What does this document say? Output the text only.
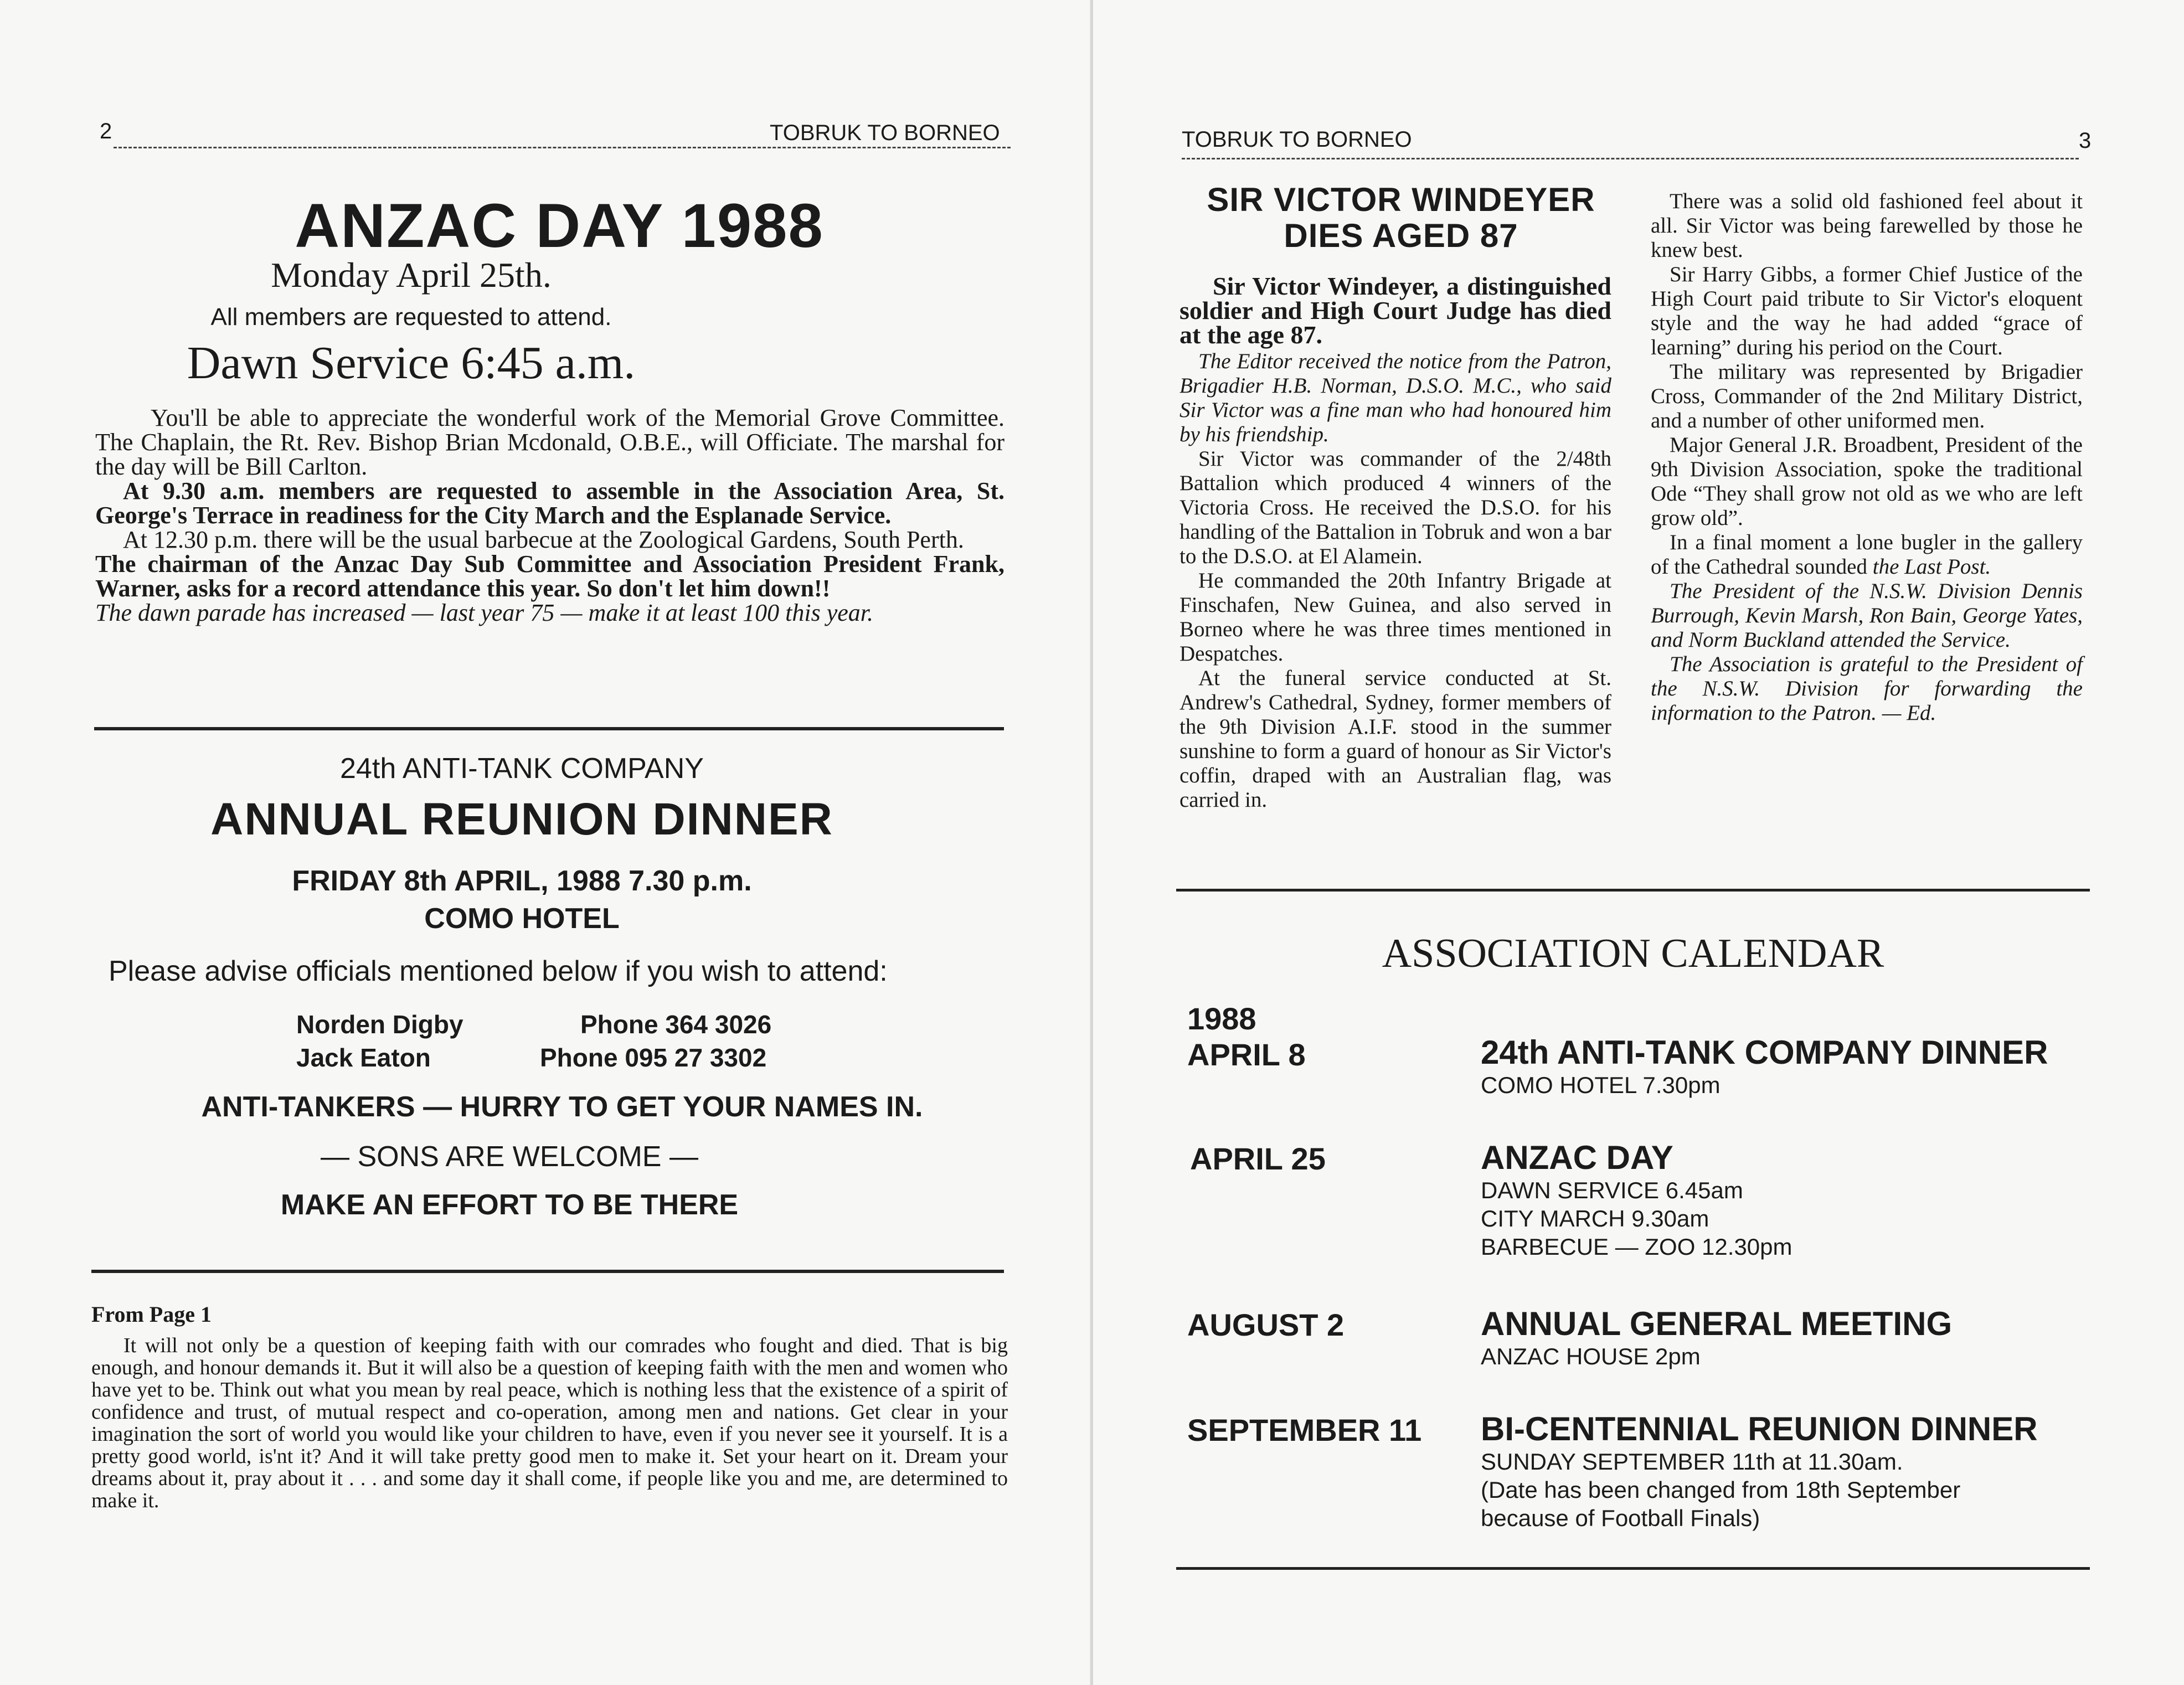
2	TOBRUK TO BORNEO
ANZAC DAY 1988
Monday April 25th.
All members are requested to attend.
Dawn Service 6:45 a.m.

You'll be able to appreciate the wonderful work of the Memorial Grove Committee. The Chaplain, the Rt. Rev. Bishop Brian Mcdonald, O.B.E., will Officiate. The marshal for the day will be Bill Carlton.

At 9.30 a.m. members are requested to assemble in the Association Area, St. George's Terrace in readiness for the City March and the Esplanade Service.

At 12.30 p.m. there will be the usual barbecue at the Zoological Gardens, South Perth.

The chairman of the Anzac Day Sub Committee and Association President Frank, Warner, asks for a record attendance this year. So don't let him down!!

The dawn parade has increased — last year 75 — make it at least 100 this year.

24th ANTI-TANK COMPANY
ANNUAL REUNION DINNER
FRIDAY 8th APRIL, 1988 7.30 p.m.
COMO HOTEL
Please advise officials mentioned below if you wish to attend:
Norden Digby	Phone 364 3026
Jack Eaton	Phone 095 27 3302
ANTI-TANKERS — HURRY TO GET YOUR NAMES IN.
— SONS ARE WELCOME —
MAKE AN EFFORT TO BE THERE
From Page 1

It will not only be a question of keeping faith with our comrades who fought and died. That is big enough, and honour demands it. But it will also be a question of keeping faith with the men and women who have yet to be. Think out what you mean by real peace, which is nothing less that the existence of a spirit of confidence and trust, of mutual respect and co-operation, among men and nations. Get clear in your imagination the sort of world you would like your children to have, even if you never see it yourself. It is a pretty good world, is'nt it? And it will take pretty good men to make it. Set your heart on it. Dream your dreams about it, pray about it . . . and some day it shall come, if people like you and me, are determined to make it.

TOBRUK TO BORNEO	3
SIR VICTOR WINDEYER
DIES AGED 87

Sir Victor Windeyer, a distinguished soldier and High Court Judge has died at the age 87.

The Editor received the notice from the Patron, Brigadier H.B. Norman, D.S.O. M.C., who said Sir Victor was a fine man who had honoured him by his friendship.

Sir Victor was commander of the 2/48th Battalion which produced 4 winners of the Victoria Cross. He received the D.S.O. for his handling of the Battalion in Tobruk and won a bar to the D.S.O. at El Alamein.

He commanded the 20th Infantry Brigade at Finschafen, New Guinea, and also served in Borneo where he was three times mentioned in Despatches.

At the funeral service conducted at St. Andrew's Cathedral, Sydney, former members of the 9th Division A.I.F. stood in the summer sunshine to form a guard of honour as Sir Victor's coffin, draped with an Australian flag, was carried in.

There was a solid old fashioned feel about it all. Sir Victor was being farewelled by those he knew best.

Sir Harry Gibbs, a former Chief Justice of the High Court paid tribute to Sir Victor's eloquent style and the way he had added “grace of learning” during his period on the Court.

The military was represented by Brigadier Cross, Commander of the 2nd Military District, and a number of other uniformed men.

Major General J.R. Broadbent, President of the 9th Division Association, spoke the traditional Ode “They shall grow not old as we who are left grow old”.

In a final moment a lone bugler in the gallery of the Cathedral sounded the Last Post.

The President of the N.S.W. Division Dennis Burrough, Kevin Marsh, Ron Bain, George Yates, and Norm Buckland attended the Service.

The Association is grateful to the President of the N.S.W. Division for forwarding the information to the Patron. — Ed.

ASSOCIATION CALENDAR
1988
APRIL 8	24th ANTI-TANK COMPANY DINNER
COMO HOTEL 7.30pm
APRIL 25	ANZAC DAY
DAWN SERVICE 6.45am
CITY MARCH 9.30am
BARBECUE — ZOO 12.30pm
AUGUST 2	ANNUAL GENERAL MEETING
ANZAC HOUSE 2pm
SEPTEMBER 11 BI-CENTENNIAL REUNION DINNER
SUNDAY SEPTEMBER 11th at 11.30am.
(Date has been changed from 18th September
because of Football Finals)
